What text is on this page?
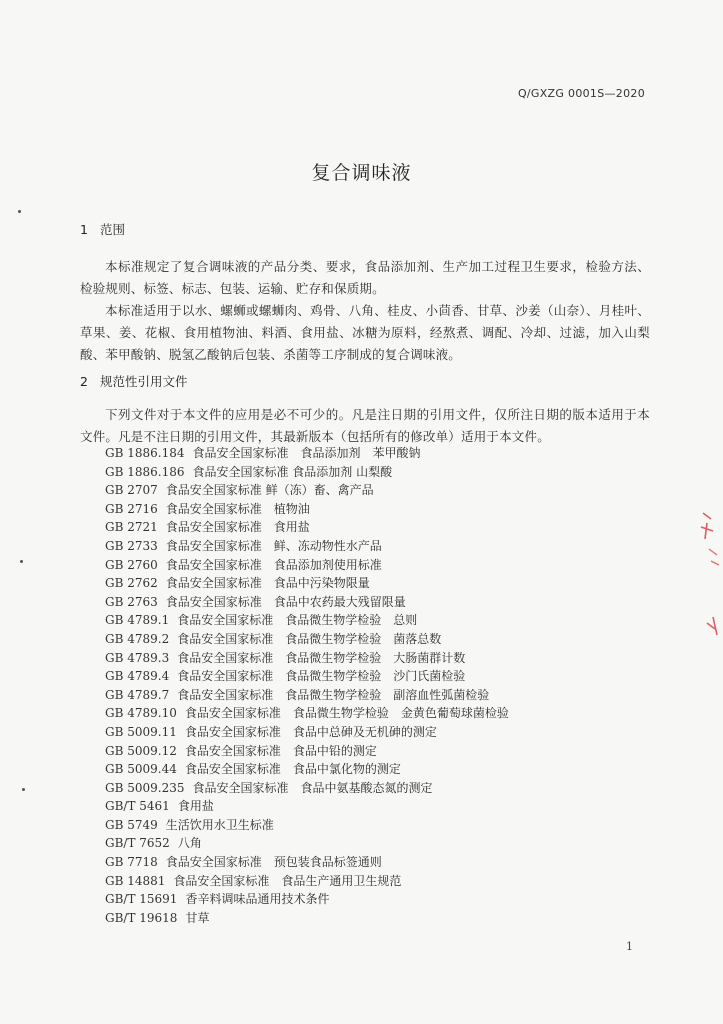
Q/GXZG 0001S—2020
复合调味液
1 范围
本标准规定了复合调味液的产品分类、要求，食品添加剂、生产加工过程卫生要求，检验方法、检验规则、标签、标志、包装、运输、贮存和保质期。
本标准适用于以水、螺蛳或螺蛳肉、鸡骨、八角、桂皮、小茴香、甘草、沙姜（山奈）、月桂叶、草果、姜、花椒、食用植物油、料酒、食用盐、冰糖为原料，经熬煮、调配、冷却、过滤，加入山梨酸、苯甲酸钠、脱氢乙酸钠后包装、杀菌等工序制成的复合调味液。
2 规范性引用文件
下列文件对于本文件的应用是必不可少的。凡是注日期的引用文件，仅所注日期的版本适用于本文件。凡是不注日期的引用文件，其最新版本（包括所有的修改单）适用于本文件。
GB 1886.184 食品安全国家标准　食品添加剂　苯甲酸钠
GB 1886.186 食品安全国家标准 食品添加剂 山梨酸
GB 2707 食品安全国家标准 鲜（冻）畜、禽产品
GB 2716 食品安全国家标准　植物油
GB 2721 食品安全国家标准　食用盐
GB 2733 食品安全国家标准　鲜、冻动物性水产品
GB 2760 食品安全国家标准　食品添加剂使用标准
GB 2762 食品安全国家标准　食品中污染物限量
GB 2763 食品安全国家标准　食品中农药最大残留限量
GB 4789.1 食品安全国家标准　食品微生物学检验　总则
GB 4789.2 食品安全国家标准　食品微生物学检验　菌落总数
GB 4789.3 食品安全国家标准　食品微生物学检验　大肠菌群计数
GB 4789.4 食品安全国家标准　食品微生物学检验　沙门氏菌检验
GB 4789.7 食品安全国家标准　食品微生物学检验　副溶血性弧菌检验
GB 4789.10 食品安全国家标准　食品微生物学检验　金黄色葡萄球菌检验
GB 5009.11 食品安全国家标准　食品中总砷及无机砷的测定
GB 5009.12 食品安全国家标准　食品中铅的测定
GB 5009.44 食品安全国家标准　食品中氯化物的测定
GB 5009.235 食品安全国家标准　食品中氨基酸态氮的测定
GB/T 5461 食用盐
GB 5749 生活饮用水卫生标准
GB/T 7652 八角
GB 7718 食品安全国家标准　预包装食品标签通则
GB 14881 食品安全国家标准　食品生产通用卫生规范
GB/T 15691 香辛料调味品通用技术条件
GB/T 19618 甘草
1
